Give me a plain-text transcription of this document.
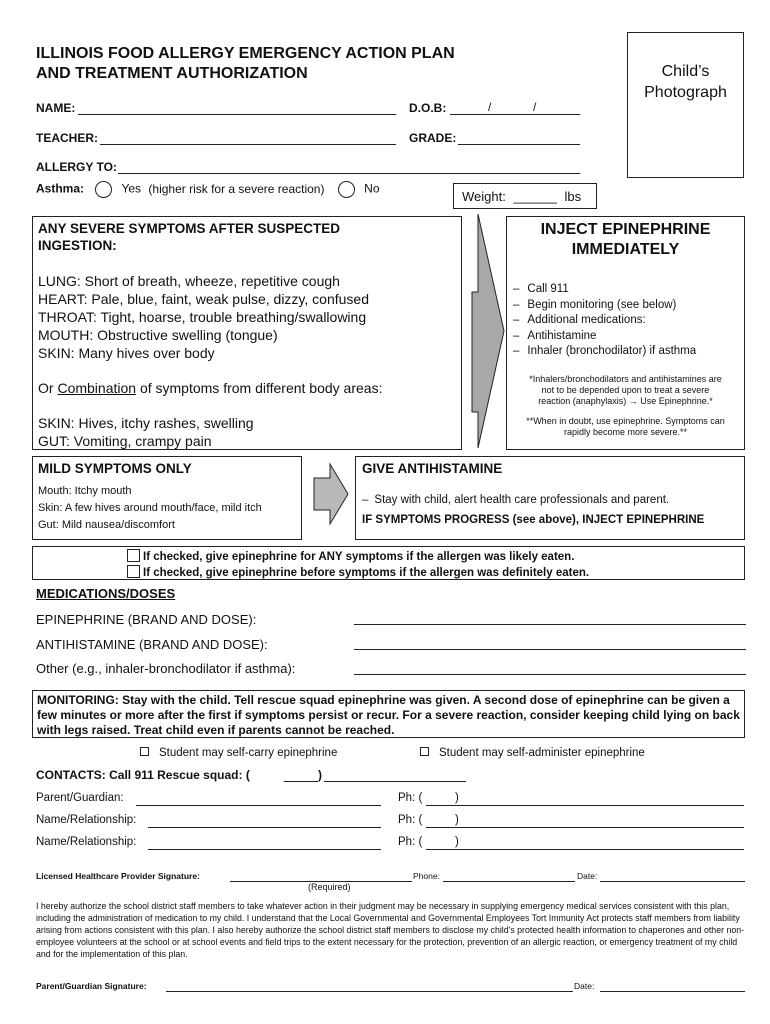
ILLINOIS FOOD ALLERGY EMERGENCY ACTION PLAN
AND TREATMENT AUTHORIZATION	Child’s
Photograph
NAME:	D.O.B:	/	/
TEACHER:	GRADE:
ALLERGY TO:
Asthma:	Yes (higher risk for a severe reaction)	No
Weight: ______ lbs
ANY SEVERE SYMPTOMS AFTER SUSPECTED
INGESTION:
LUNG: Short of breath, wheeze, repetitive cough
HEART: Pale, blue, faint, weak pulse, dizzy, confused
THROAT: Tight, hoarse, trouble breathing/swallowing
MOUTH: Obstructive swelling (tongue)
SKIN: Many hives over body
Or Combination of symptoms from different body areas:
SKIN: Hives, itchy rashes, swelling
GUT: Vomiting, crampy pain
INJECT EPINEPHRINE
IMMEDIATELY
– Call 911
– Begin monitoring (see below)
– Additional medications:
– Antihistamine
– Inhaler (bronchodilator) if asthma
*Inhalers/bronchodilators and antihistamines are
not to be depended upon to treat a severe
reaction (anaphylaxis) → Use Epinephrine.*
**When in doubt, use epinephrine. Symptoms can
rapidly become more severe.**
MILD SYMPTOMS ONLY
Mouth: Itchy mouth
Skin: A few hives around mouth/face, mild itch
Gut: Mild nausea/discomfort
GIVE ANTIHISTAMINE
– Stay with child, alert health care professionals and parent.
IF SYMPTOMS PROGRESS (see above), INJECT EPINEPHRINE
If checked, give epinephrine for ANY symptoms if the allergen was likely eaten.
If checked, give epinephrine before symptoms if the allergen was definitely eaten.
MEDICATIONS/DOSES
EPINEPHRINE (BRAND AND DOSE):
ANTIHISTAMINE (BRAND AND DOSE):
Other (e.g., inhaler-bronchodilator if asthma):
MONITORING: Stay with the child. Tell rescue squad epinephrine was given. A second dose of epinephrine can be given a few minutes or more after the first if symptoms persist or recur. For a severe reaction, consider keeping child lying on back with legs raised. Treat child even if parents cannot be reached.
Student may self-carry epinephrine	Student may self-administer epinephrine
CONTACTS: Call 911 Rescue squad: (	)
Parent/Guardian:	Ph: (	)
Name/Relationship:	Ph: (	)
Name/Relationship:	Ph: (	)
Licensed Healthcare Provider Signature:	Phone:	Date:
(Required)
I hereby authorize the school district staff members to take whatever action in their judgment may be necessary in supplying emergency medical services consistent with this plan, including the administration of medication to my child. I understand that the Local Governmental and Governmental Employees Tort Immunity Act protects staff members from liability arising from actions consistent with this plan. I also hereby authorize the school district staff members to disclose my child's protected health information to chaperones and other non-employee volunteers at the school or at school events and field trips to the extent necessary for the protection, prevention of an allergic reaction, or emergency treatment of my child and for the implementation of this plan.
Parent/Guardian Signature:	Date:
